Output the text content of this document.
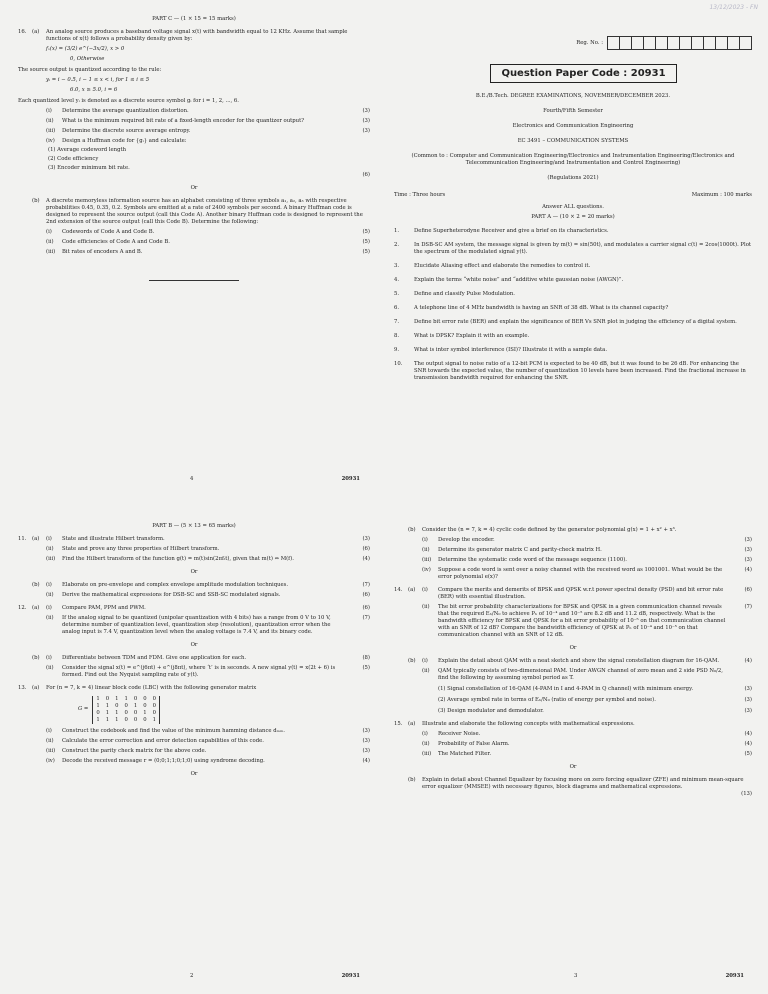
PART C — (1 × 15 = 15 marks)
16.	(a)	An analog source produces a baseband voltage signal x(t) with bandwidth equal to 12 KHz. Assume that sample functions of x(t) follows a probability density given by:
fₓ(x) = (3/2) e^(−3x/2), x > 0
0, Otherwise
The source output is quantized according to the rule:
yᵢ = i − 0.5, i − 1 ≤ x < i, for 1 ≤ i ≤ 5
6.0, x ≥ 5.0, i = 6
Each quantized level yᵢ is denoted as a discrete source symbol gᵢ for i = 1, 2, ..., 6.
(i)	Determine the average quantization distortion.	(3)
(ii)	What is the minimum required bit rate of a fixed-length encoder for the quantizer output?	(3)
(iii)	Determine the discrete source average entropy.	(3)
(iv)	Design a Huffman code for {gᵢ} and calculate:
(1) Average codeword length
(2) Code efficiency
(3) Encoder minimum bit rate.
(6)
Or
(b)	A discrete memoryless information source has an alphabet consisting of three symbols a₁, a₂, a₃ with respective probabilities 0.45, 0.35, 0.2. Symbols are emitted at a rate of 2400 symbols per second. A binary Huffman code is designed to represent the source output (call this Code A). Another binary Huffman code is designed to represent the 2nd extension of the source output (call this Code B). Determine the following:
(i)	Codewords of Code A and Code B.	(5)
(ii)	Code efficiencies of Code A and Code B.	(5)
(iii)	Bit rates of encoders A and B.	(5)
4	20931
13/12/2023 - FN
Reg. No. :
Question Paper Code : 20931
B.E./B.Tech. DEGREE EXAMINATIONS, NOVEMBER/DECEMBER 2023.
Fourth/Fifth Semester
Electronics and Communication Engineering
EC 3491 – COMMUNICATION SYSTEMS
(Common to : Computer and Communication Engineering/Electronics and Instrumentation Engineering/Electronics and Telecommunication Engineering/and Instrumentation and Control Engineering)
(Regulations 2021)
Time : Three hours	Maximum : 100 marks
Answer ALL questions.
PART A — (10 × 2 = 20 marks)
1.	Define Superheterodyne Receiver and give a brief on its characteristics.
2.	In DSB-SC AM system, the message signal is given by m(t) = sin(50t), and modulates a carrier signal c(t) = 2cos(1000t). Plot the spectrum of the modulated signal y(t).
3.	Elucidate Aliasing effect and elaborate the remedies to control it.
4.	Explain the terms “white noise” and “additive white gaussian noise (AWGN)”.
5.	Define and classify Pulse Modulation.
6.	A telephone line of 4 MHz bandwidth is having an SNR of 38 dB. What is its channel capacity?
7.	Define bit error rate (BER) and explain the significance of BER Vs SNR plot in judging the efficiency of a digital system.
8.	What is DPSK? Explain it with an example.
9.	What is inter symbol interference (ISI)? Illustrate it with a sample data.
10.	The output signal to noise ratio of a 12-bit PCM is expected to be 40 dB, but it was found to be 26 dB. For enhancing the SNR towards the expected value, the number of quantization 10 levels have been increased. Find the fractional increase in transmission bandwidth required for enhancing the SNR.
PART B — (5 × 13 = 65 marks)
11.	(a)	(i)	State and illustrate Hilbert transform.	(3)
(ii)	State and prove any three properties of Hilbert transform.	(6)
(iii)	Find the Hilbert transform of the function g(t) = m(t)sin(2πfₜt), given that m(t) ⇔ M(f).	(4)
Or
(b)	(i)	Elaborate on pre-envelope and complex envelope amplitude modulation techniques.	(7)
(ii)	Derive the mathematical expressions for DSB-SC and SSB-SC modulated signals.	(6)
12.	(a)	(i)	Compare PAM, PPM and PWM.	(6)
(ii)	If the analog signal to be quantized (unipolar quantization with 4 bits) has a range from 0 V to 10 V, determine number of quantization level, quantization step (resolution), quantization error when the analog input is 7.4 V, quantization level when the analog voltage is 7.4 V, and its binary code.
(7)
Or
(b)	(i)	Differentiate between TDM and FDM. Give one application for each.	(8)
(ii)	Consider the signal x(t) = e^(j6πt) + e^(j8πt), where ‘t’ is in seconds. A new signal y(t) = x(2t + 6) is formed. Find out the Nyquist sampling rate of y(t).
(5)
13.	(a)	For (n = 7, k = 4) linear block code (LBC) with the following generator matrix
G =
1	0	1	1	0	0	0
1	1	0	0	1	0	0
0	1	1	0	0	1	0
1	1	1	0	0	0	1
(i)	Construct the codebook and find the value of the minimum hamming distance dₘᵢₙ.	(3)
(ii)	Calculate the error correction and error detection capabilities of this code.	(3)
(iii)	Construct the parity check matrix for the above code.	(3)
(iv)	Decode the received message r = (0;0;1;1;0;1;0) using syndrome decoding.	(4)
Or
2	20931
(b)	Consider the (n = 7, k = 4) cyclic code defined by the generator polynomial g(x) = 1 + x² + x³.
(i)	Develop the encoder.	(3)
(ii)	Determine its generator matrix C and parity-check matrix H.	(3)
(iii)	Determine the systematic code word of the message sequence (1100).	(3)
(iv)	Suppose a code word is sent over a noisy channel with the received word as 1001001. What would be the error polynomial e(x)?
(4)
14.	(a)	(i)	Compare the merits and demerits of BPSK and QPSK w.r.t power spectral density (PSD) and bit error rate (BER) with essential illustration.
(6)
(ii)	The bit error probability characterizations for BPSK and QPSK in a given communication channel reveals that the required Eₕ/N₀ to achieve Pₕ of 10⁻⁴ and 10⁻⁵ are 8.2 dB and 11.2 dB, respectively. What is the bandwidth efficiency for BPSK and QPSK for a bit error probability of 10⁻⁵ on that communication channel with an SNR of 12 dB? Compare the bandwidth efficiency of QPSK at Pₕ of 10⁻⁴ and 10⁻⁵ on that communication channel with an SNR of 12 dB.
(7)
Or
(b)	(i)	Explain the detail about QAM with a neat sketch and show the signal constellation diagram for 16-QAM.	(4)
(ii)	QAM typically consists of two-dimensional PAM. Under AWGN channel of zero mean and 2 side PSD N₀/2, find the following by assuming symbol period as T.
(1) Signal constellation of 16-QAM (4-PAM in I and 4-PAM in Q channel) with minimum energy.	(3)
(2) Average symbol rate in terms of Eₕ/N₀ (ratio of energy per symbol and noise).	(3)
(3) Design modulator and demodulator.	(3)
15.	(a)	Illustrate and elaborate the following concepts with mathematical expressions.
(i)	Receiver Noise.	(4)
(ii)	Probability of False Alarm.	(4)
(iii)	The Matched Filter.	(5)
Or
(b)	Explain in detail about Channel Equalizer by focusing more on zero forcing equalizer (ZFE) and minimum mean-square error equalizer (MMSEE) with necessary figures, block diagrams and mathematical expressions.
(13)
3	20931
